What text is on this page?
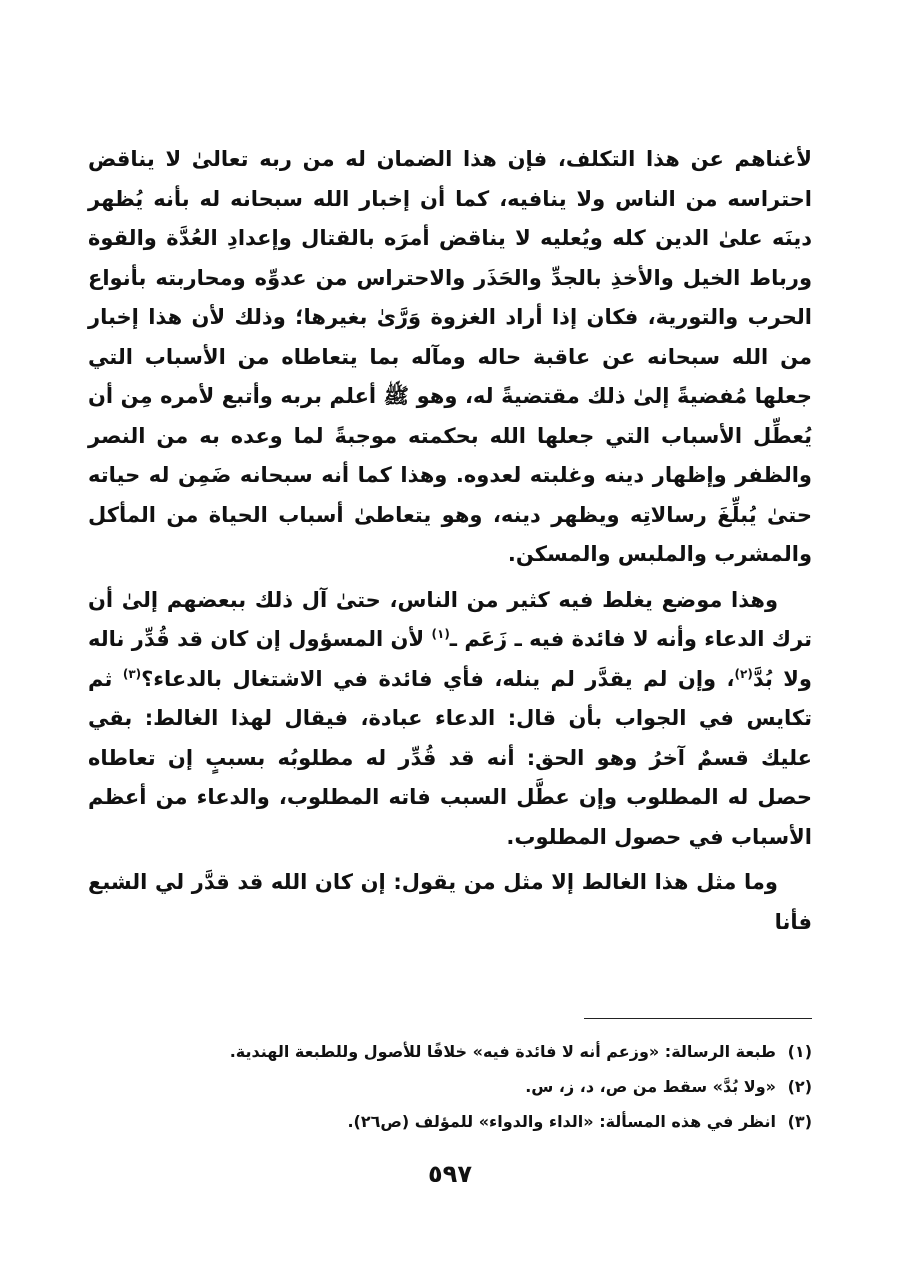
لأغناهم عن هذا التكلف، فإن هذا الضمان له من ربه تعالىٰ لا يناقض احتراسه من الناس ولا ينافيه، كما أن إخبار الله سبحانه له بأنه يُظهر دينَه علىٰ الدين كله ويُعليه لا يناقض أمرَه بالقتال وإعدادِ العُدَّة والقوة ورباط الخيل والأخذِ بالجدِّ والحَذَر والاحتراس من عدوِّه ومحاربته بأنواع الحرب والتورية، فكان إذا أراد الغزوة وَرَّىٰ بغيرها؛ وذلك لأن هذا إخبار من الله سبحانه عن عاقبة حاله ومآله بما يتعاطاه من الأسباب التي جعلها مُفضيةً إلىٰ ذلك مقتضيةً له، وهو ﷺ أعلم بربه وأتبع لأمره مِن أن يُعطِّل الأسباب التي جعلها الله بحكمته موجبةً لما وعده به من النصر والظفر وإظهار دينه وغلبته لعدوه. وهذا كما أنه سبحانه ضَمِن له حياته حتىٰ يُبلِّغَ رسالاتِه ويظهر دينه، وهو يتعاطىٰ أسباب الحياة من المأكل والمشرب والملبس والمسكن.

وهذا موضع يغلط فيه كثير من الناس، حتىٰ آل ذلك ببعضهم إلىٰ أن ترك الدعاء وأنه لا فائدة فيه ـ زَعَم ـ$^{(١)}$ لأن المسؤول إن كان قد قُدِّر ناله ولا بُدَّ$^{(٢)}$، وإن لم يقدَّر لم ينله، فأي فائدة في الاشتغال بالدعاء؟$^{(٣)}$ ثم تكايس في الجواب بأن قال: الدعاء عبادة، فيقال لهذا الغالط: بقي عليك قسمٌ آخرُ وهو الحق: أنه قد قُدِّر له مطلوبُه بسببٍ إن تعاطاه حصل له المطلوب وإن عطَّل السبب فاته المطلوب، والدعاء من أعظم الأسباب في حصول المطلوب.

وما مثل هذا الغالط إلا مثل من يقول: إن كان الله قد قدَّر لي الشبع فأنا

(١)طبعة الرسالة: «وزعم أنه لا فائدة فيه» خلافًا للأصول وللطبعة الهندية.

(٢)«ولا بُدَّ» سقط من ص، د، ز، س.

(٣)انظر في هذه المسألة: «الداء والدواء» للمؤلف (ص٢٦).

٥٩٧
